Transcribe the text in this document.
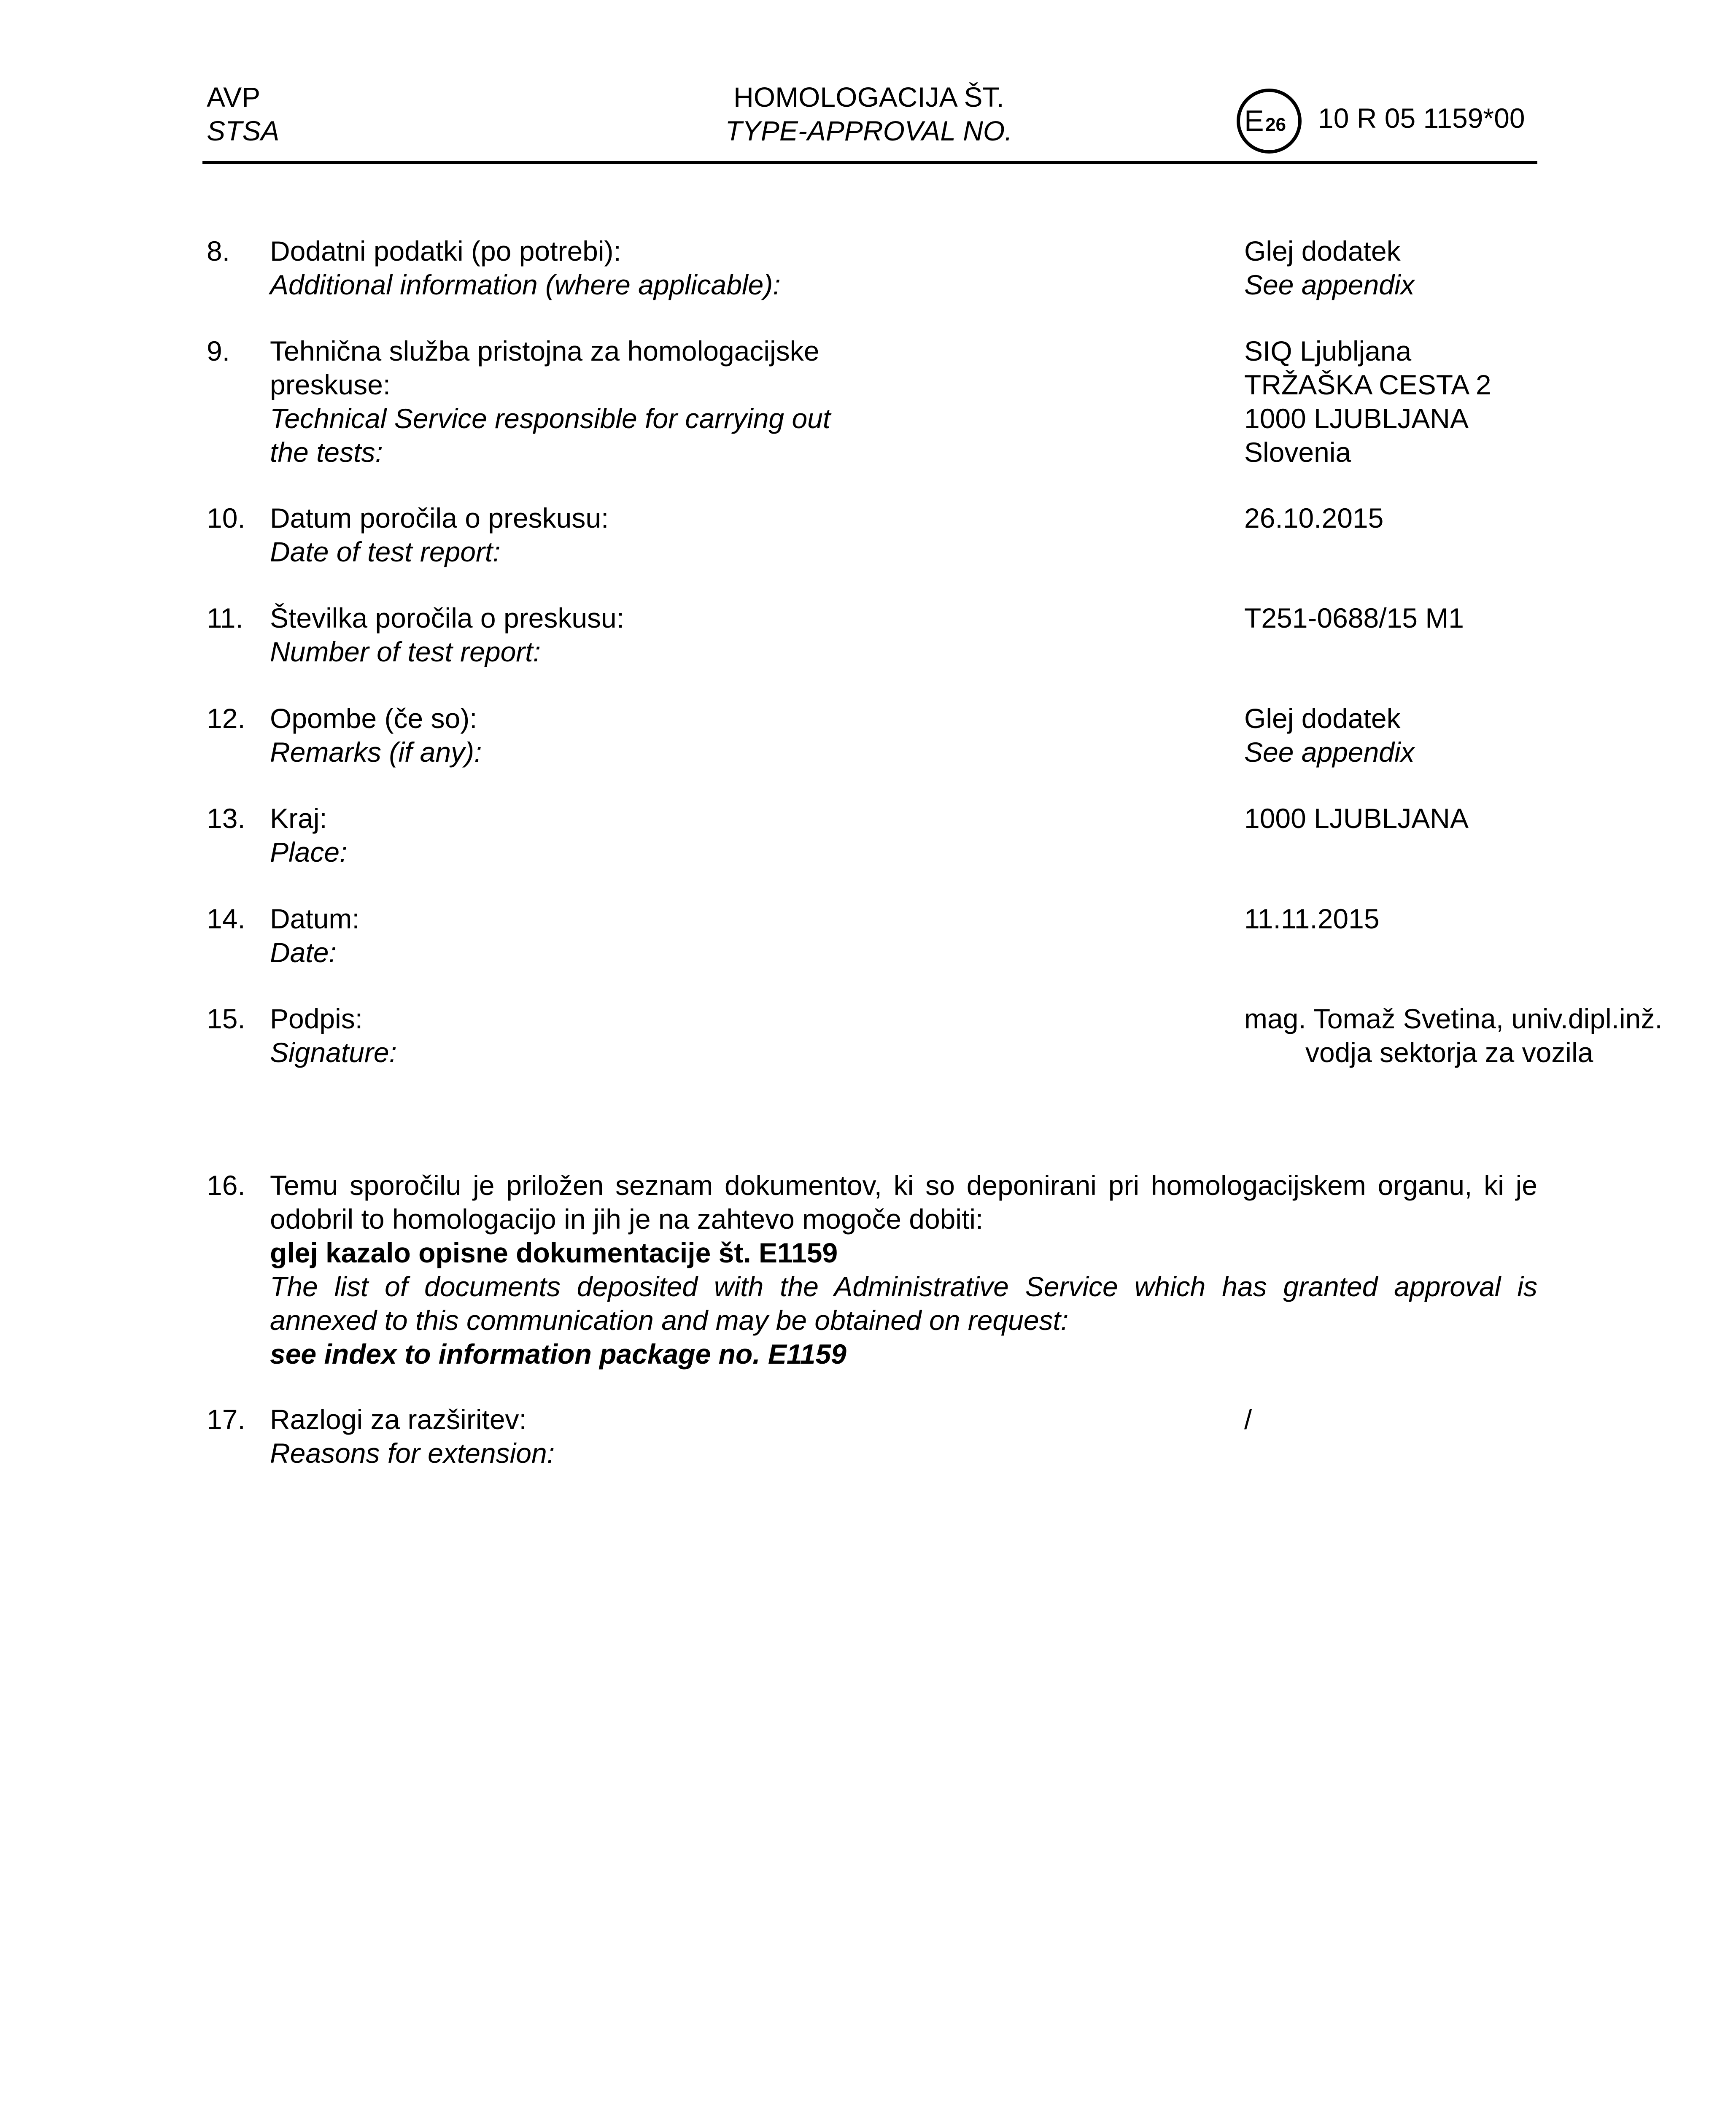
AVP
STSA
HOMOLOGACIJA ŠT.
TYPE-APPROVAL NO.	E 26 10 R 05 1159*00
8. Dodatni podatki (po potrebi):
Additional information (where applicable):
Glej dodatek
See appendix
9. Tehnična služba pristojna za homologacijske
preskuse:
Technical Service responsible for carrying out
the tests:
SIQ Ljubljana
TRŽAŠKA CESTA 2
1000 LJUBLJANA
Slovenia
10. Datum poročila o preskusu:
Date of test report:
26.10.2015
11. Številka poročila o preskusu:
Number of test report:
T251-0688/15 M1
12. Opombe (če so):
Remarks (if any):
Glej dodatek
See appendix
13. Kraj:
Place:
1000 LJUBLJANA
14. Datum:
Date:
11.11.2015
15. Podpis:
Signature:
mag. Tomaž Svetina, univ.dipl.inž.
vodja sektorja za vozila
16. Temu sporočilu je priložen seznam dokumentov, ki so deponirani pri homologacijskem organu, ki je odobril to homologacijo in jih je na zahtevo mogoče dobiti:
glej kazalo opisne dokumentacije št. E1159
The list of documents deposited with the Administrative Service which has granted approval is annexed to this communication and may be obtained on request:
see index to information package no. E1159
17. Razlogi za razširitev:
Reasons for extension:
/
